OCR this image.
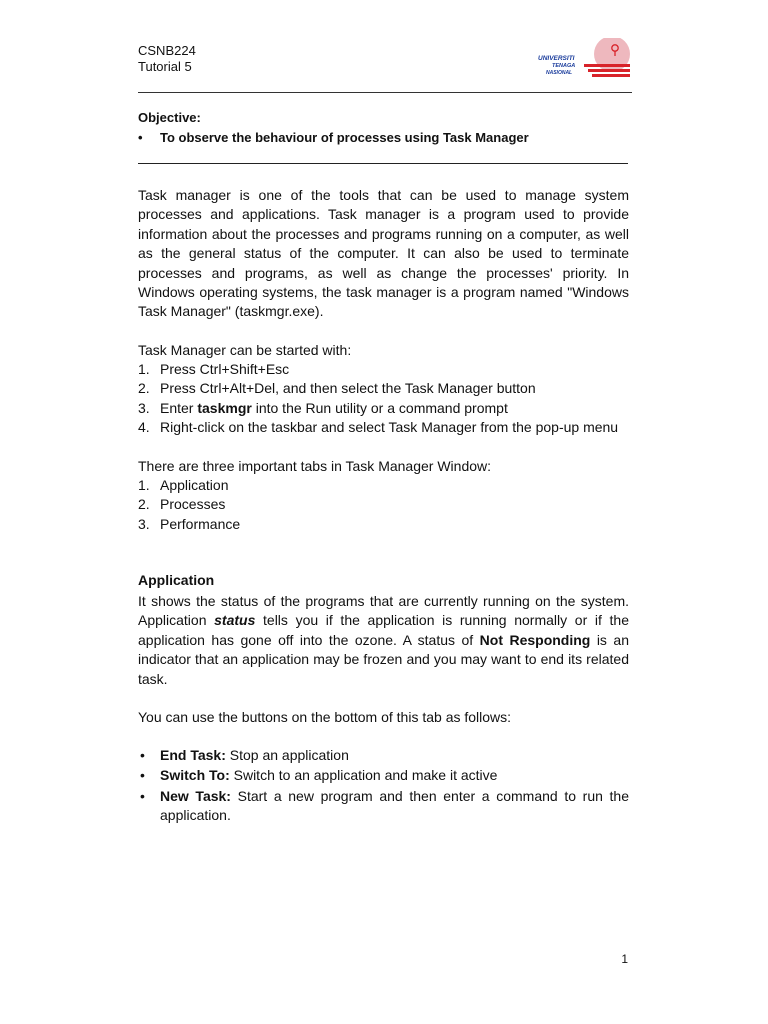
CSNB224
Tutorial 5
UNIVERSITI
TENAGA
NASIONAL
Objective:
• To observe the behaviour of processes using Task Manager
Task manager is one of the tools that can be used to manage system processes and applications. Task manager is a program used to provide information about the processes and programs running on a computer, as well as the general status of the computer. It can also be used to terminate processes and programs, as well as change the processes' priority. In Windows operating systems, the task manager is a program named "Windows Task Manager" (taskmgr.exe).
Task Manager can be started with:
1. Press Ctrl+Shift+Esc
2. Press Ctrl+Alt+Del, and then select the Task Manager button
3. Enter taskmgr into the Run utility or a command prompt
4. Right-click on the taskbar and select Task Manager from the pop-up menu
There are three important tabs in Task Manager Window:
1. Application
2. Processes
3. Performance
Application
It shows the status of the programs that are currently running on the system. Application status tells you if the application is running normally or if the application has gone off into the ozone. A status of Not Responding is an indicator that an application may be frozen and you may want to end its related task.
You can use the buttons on the bottom of this tab as follows:
• End Task: Stop an application
• Switch To: Switch to an application and make it active
• New Task: Start a new program and then enter a command to run the application.
1
